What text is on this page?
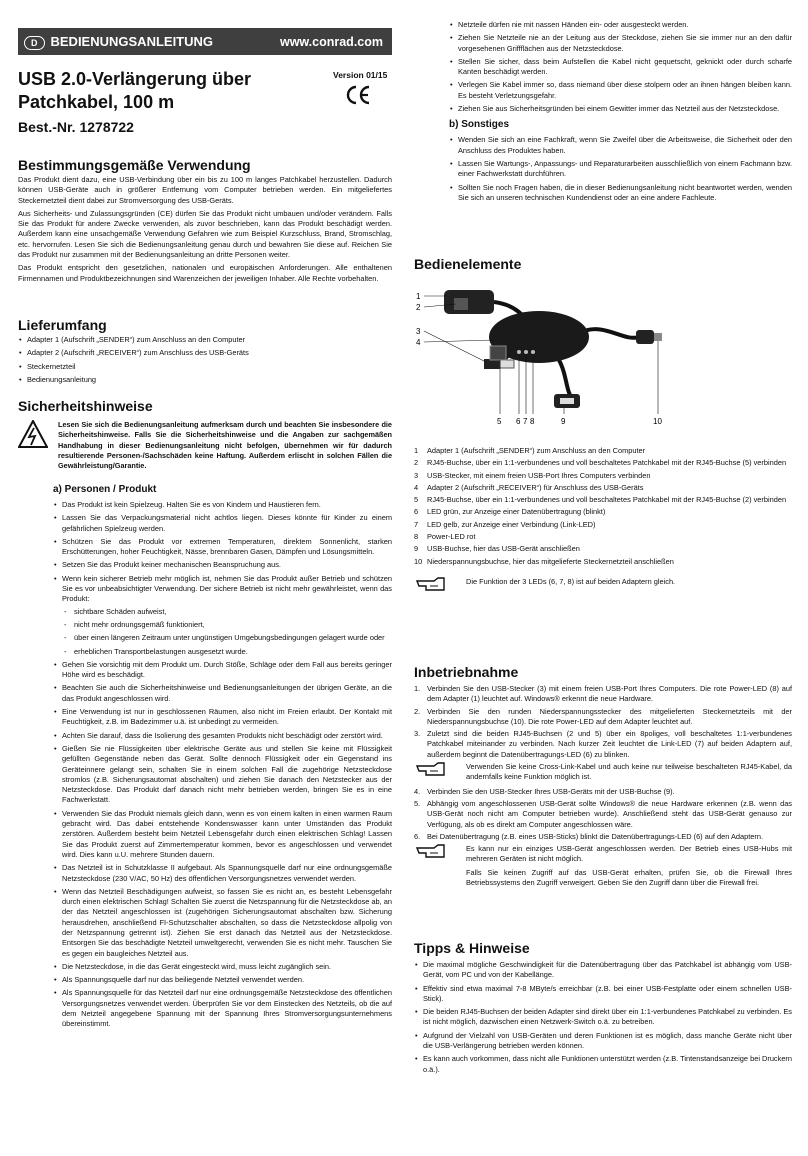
D BEDIENUNGSANLEITUNG	www.conrad.com
USB 2.0-Verlängerung über Patchkabel, 100 m
Best.-Nr. 1278722
Version 01/15
Bestimmungsgemäße Verwendung

Das Produkt dient dazu, eine USB-Verbindung über ein bis zu 100 m langes Patchkabel herzustellen. Dadurch können USB-Geräte auch in größerer Entfernung vom Computer betrieben werden. Ein mitgeliefertes Steckernetzteil dient dabei zur Stromversorgung des USB-Geräts.

Aus Sicherheits- und Zulassungsgründen (CE) dürfen Sie das Produkt nicht umbauen und/oder verändern. Falls Sie das Produkt für andere Zwecke verwenden, als zuvor beschrieben, kann das Produkt beschädigt werden. Außerdem kann eine unsachgemäße Verwendung Gefahren wie zum Beispiel Kurzschluss, Brand, Stromschlag, etc. hervorrufen. Lesen Sie sich die Bedienungsanleitung genau durch und bewahren Sie diese auf. Reichen Sie das Produkt nur zusammen mit der Bedienungsanleitung an dritte Personen weiter.

Das Produkt entspricht den gesetzlichen, nationalen und europäischen Anforderungen. Alle enthaltenen Firmennamen und Produktbezeichnungen sind Warenzeichen der jeweiligen Inhaber. Alle Rechte vorbehalten.

Lieferumfang
• Adapter 1 (Aufschrift „SENDER“) zum Anschluss an den Computer
• Adapter 2 (Aufschrift „RECEIVER“) zum Anschluss des USB-Geräts
• Steckernetzteil
• Bedienungsanleitung
Sicherheitshinweise

Lesen Sie sich die Bedienungsanleitung aufmerksam durch und beachten Sie insbesondere die Sicherheitshinweise. Falls Sie die Sicherheitshinweise und die Angaben zur sachgemäßen Handhabung in dieser Bedienungsanleitung nicht befolgen, übernehmen wir für dadurch resultierende Personen-/Sachschäden keine Haftung. Außerdem erlischt in solchen Fällen die Gewährleistung/Garantie.

a) Personen / Produkt
• Das Produkt ist kein Spielzeug. Halten Sie es von Kindern und Haustieren fern.
• Lassen Sie das Verpackungsmaterial nicht achtlos liegen. Dieses könnte für Kinder zu einem gefährlichen Spielzeug werden.
• Schützen Sie das Produkt vor extremen Temperaturen, direktem Sonnenlicht, starken Erschütterungen, hoher Feuchtigkeit, Nässe, brennbaren Gasen, Dämpfen und Lösungsmitteln.
• Setzen Sie das Produkt keiner mechanischen Beanspruchung aus.
• Wenn kein sicherer Betrieb mehr möglich ist, nehmen Sie das Produkt außer Betrieb und schützen Sie es vor unbeabsichtigter Verwendung. Der sichere Betrieb ist nicht mehr gewährleistet, wenn das Produkt:
- sichtbare Schäden aufweist,
- nicht mehr ordnungsgemäß funktioniert,
- über einen längeren Zeitraum unter ungünstigen Umgebungsbedingungen gelagert wurde oder
- erheblichen Transportbelastungen ausgesetzt wurde.
• Gehen Sie vorsichtig mit dem Produkt um. Durch Stöße, Schläge oder dem Fall aus bereits geringer Höhe wird es beschädigt.
• Beachten Sie auch die Sicherheitshinweise und Bedienungsanleitungen der übrigen Geräte, an die das Produkt angeschlossen wird.
• Eine Verwendung ist nur in geschlossenen Räumen, also nicht im Freien erlaubt. Der Kontakt mit Feuchtigkeit, z.B. im Badezimmer u.ä. ist unbedingt zu vermeiden.
• Achten Sie darauf, dass die Isolierung des gesamten Produkts nicht beschädigt oder zerstört wird.
• Gießen Sie nie Flüssigkeiten über elektrische Geräte aus und stellen Sie keine mit Flüssigkeit gefüllten Gegenstände neben das Gerät. Sollte dennoch Flüssigkeit oder ein Gegenstand ins Geräteinnere gelangt sein, schalten Sie in einem solchen Fall die zugehörige Netzsteckdose stromlos (z.B. Sicherungsautomat abschalten) und ziehen Sie danach den Netzstecker aus der Netzsteckdose. Das Produkt darf danach nicht mehr betrieben werden, bringen Sie es in eine Fachwerkstatt.
• Verwenden Sie das Produkt niemals gleich dann, wenn es von einem kalten in einen warmen Raum gebracht wird. Das dabei entstehende Kondenswasser kann unter Umständen das Produkt zerstören. Außerdem besteht beim Netzteil Lebensgefahr durch einen elektrischen Schlag! Lassen Sie das Produkt zuerst auf Zimmertemperatur kommen, bevor es angeschlossen und verwendet wird. Dies kann u.U. mehrere Stunden dauern.
• Das Netzteil ist in Schutzklasse II aufgebaut. Als Spannungsquelle darf nur eine ordnungsgemäße Netzsteckdose (230 V/AC, 50 Hz) des öffentlichen Versorgungsnetzes verwendet werden.
• Wenn das Netzteil Beschädigungen aufweist, so fassen Sie es nicht an, es besteht Lebensgefahr durch einen elektrischen Schlag! Schalten Sie zuerst die Netzspannung für die Netzsteckdose ab, an der das Netzteil angeschlossen ist (zugehörigen Sicherungsautomat abschalten bzw. Sicherung herausdrehen, anschließend FI-Schutzschalter abschalten, so dass die Netzsteckdose allpolig von der Netzspannung getrennt ist). Ziehen Sie erst danach das Netzteil aus der Netzsteckdose. Entsorgen Sie das beschädigte Netzteil umweltgerecht, verwenden Sie es nicht mehr. Tauschen Sie es gegen ein baugleiches Netzteil aus.
• Die Netzsteckdose, in die das Gerät eingesteckt wird, muss leicht zugänglich sein.
• Als Spannungsquelle darf nur das beiliegende Netzteil verwendet werden.
• Als Spannungsquelle für das Netzteil darf nur eine ordnungsgemäße Netzsteckdose des öffentlichen Versorgungsnetzes verwendet werden. Überprüfen Sie vor dem Einstecken des Netzteils, ob die auf dem Netzteil angegebene Spannung mit der Spannung Ihres Stromversorgungsunternehmens übereinstimmt.
• Netzteile dürfen nie mit nassen Händen ein- oder ausgesteckt werden.
• Ziehen Sie Netzteile nie an der Leitung aus der Steckdose, ziehen Sie sie immer nur an den dafür vorgesehenen Griffflächen aus der Netzsteckdose.
• Stellen Sie sicher, dass beim Aufstellen die Kabel nicht gequetscht, geknickt oder durch scharfe Kanten beschädigt werden.
• Verlegen Sie Kabel immer so, dass niemand über diese stolpern oder an ihnen hängen bleiben kann. Es besteht Verletzungsgefahr.
• Ziehen Sie aus Sicherheitsgründen bei einem Gewitter immer das Netzteil aus der Netzsteckdose.
b) Sonstiges
• Wenden Sie sich an eine Fachkraft, wenn Sie Zweifel über die Arbeitsweise, die Sicherheit oder den Anschluss des Produktes haben.
• Lassen Sie Wartungs-, Anpassungs- und Reparaturarbeiten ausschließlich von einem Fachmann bzw. einer Fachwerkstatt durchführen.
• Sollten Sie noch Fragen haben, die in dieser Bedienungsanleitung nicht beantwortet werden, wenden Sie sich an unseren technischen Kundendienst oder an eine andere Fachleute.
Bedienelemente
1
2
3
4
5 6 7 8	9	10
1 Adapter 1 (Aufschrift „SENDER“) zum Anschluss an den Computer
2 RJ45-Buchse, über ein 1:1-verbundenes und voll beschaltetes Patchkabel mit der RJ45-Buchse (5) verbinden
3 USB-Stecker, mit einem freien USB-Port Ihres Computers verbinden
4 Adapter 2 (Aufschrift „RECEIVER“) für Anschluss des USB-Geräts
5 RJ45-Buchse, über ein 1:1-verbundenes und voll beschaltetes Patchkabel mit der RJ45-Buchse (2) verbinden
6 LED grün, zur Anzeige einer Datenübertragung (blinkt)
7 LED gelb, zur Anzeige einer Verbindung (Link-LED)
8 Power-LED rot
9 USB-Buchse, hier das USB-Gerät anschließen
10 Niederspannungsbuchse, hier das mitgelieferte Steckernetzteil anschließen

Die Funktion der 3 LEDs (6, 7, 8) ist auf beiden Adaptern gleich.

Inbetriebnahme
1. Verbinden Sie den USB-Stecker (3) mit einem freien USB-Port Ihres Computers. Die rote Power-LED (8) auf dem Adapter (1) leuchtet auf. Windows® erkennt die neue Hardware.
2. Verbinden Sie den runden Niederspannungsstecker des mitgelieferten Steckernetzteils mit der Niederspannungsbuchse (10). Die rote Power-LED auf dem Adapter leuchtet auf.
3. Zuletzt sind die beiden RJ45-Buchsen (2 und 5) über ein 8poliges, voll beschaltetes 1:1-verbundenes Patchkabel miteinander zu verbinden. Nach kurzer Zeit leuchtet die Link-LED (7) auf beiden Adaptern auf, außerdem beginnt die Datenübertragungs-LED (6) zu blinken.

Verwenden Sie keine Cross-Link-Kabel und auch keine nur teilweise beschalteten RJ45-Kabel, da andernfalls keine Funktion möglich ist.

4. Verbinden Sie den USB-Stecker Ihres USB-Geräts mit der USB-Buchse (9).
5. Abhängig vom angeschlossenen USB-Gerät sollte Windows® die neue Hardware erkennen (z.B. wenn das USB-Gerät noch nicht am Computer betrieben wurde). Anschließend steht das USB-Gerät genauso zur Verfügung, als ob es direkt am Computer angeschlossen wäre.
6. Bei Datenübertragung (z.B. eines USB-Sticks) blinkt die Datenübertragungs-LED (6) auf den Adaptern.

Es kann nur ein einziges USB-Gerät angeschlossen werden. Der Betrieb eines USB-Hubs mit mehreren Geräten ist nicht möglich.

Falls Sie keinen Zugriff auf das USB-Gerät erhalten, prüfen Sie, ob die Firewall Ihres Betriebssystems den Zugriff verweigert. Geben Sie den Zugriff dann über die Firewall frei.

Tipps & Hinweise
• Die maximal mögliche Geschwindigkeit für die Datenübertragung über das Patchkabel ist abhängig vom USB-Gerät, vom PC und von der Kabellänge.
• Effektiv sind etwa maximal 7-8 MByte/s erreichbar (z.B. bei einer USB-Festplatte oder einem schnellen USB-Stick).
• Die beiden RJ45-Buchsen der beiden Adapter sind direkt über ein 1:1-verbundenes Patchkabel zu verbinden. Es ist nicht möglich, dazwischen einen Netzwerk-Switch o.ä. zu betreiben.
• Aufgrund der Vielzahl von USB-Geräten und deren Funktionen ist es möglich, dass manche Geräte nicht über die USB-Verlängerung betrieben werden können.
• Es kann auch vorkommen, dass nicht alle Funktionen unterstützt werden (z.B. Tintenstandsanzeige bei Druckern o.ä.).
